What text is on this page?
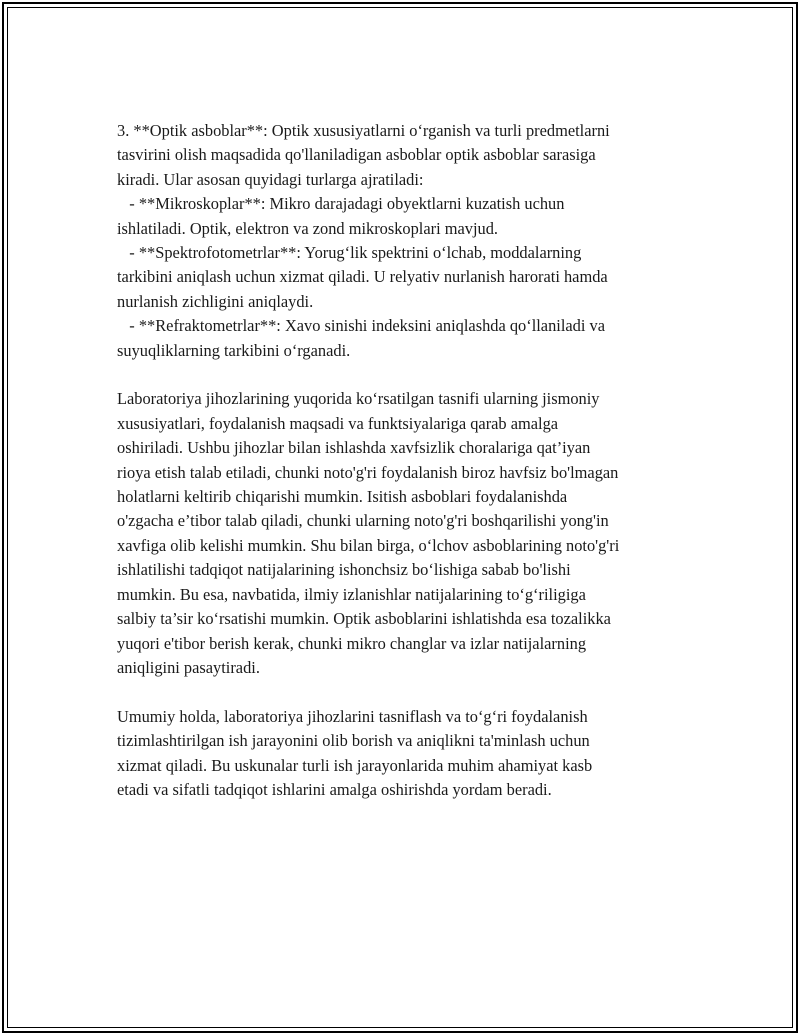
3. **Optik asboblar**: Optik xususiyatlarni o‘rganish va turli predmetlarni
tasvirini olish maqsadida qo'llaniladigan asboblar optik asboblar sarasiga
kiradi. Ular asosan quyidagi turlarga ajratiladi:
- **Mikroskoplar**: Mikro darajadagi obyektlarni kuzatish uchun
ishlatiladi. Optik, elektron va zond mikroskoplari mavjud.
- **Spektrofotometrlar**: Yorug‘lik spektrini o‘lchab, moddalarning
tarkibini aniqlash uchun xizmat qiladi. U relyativ nurlanish harorati hamda
nurlanish zichligini aniqlaydi.
- **Refraktometrlar**: Xavo sinishi indeksini aniqlashda qo‘llaniladi va
suyuqliklarning tarkibini o‘rganadi.
Laboratoriya jihozlarining yuqorida ko‘rsatilgan tasnifi ularning jismoniy
xususiyatlari, foydalanish maqsadi va funktsiyalariga qarab amalga
oshiriladi. Ushbu jihozlar bilan ishlashda xavfsizlik choralariga qat’iyan
rioya etish talab etiladi, chunki noto'g'ri foydalanish biroz havfsiz bo'lmagan
holatlarni keltirib chiqarishi mumkin. Isitish asboblari foydalanishda
o'zgacha e’tibor talab qiladi, chunki ularning noto'g'ri boshqarilishi yong'in
xavfiga olib kelishi mumkin. Shu bilan birga, o‘lchov asboblarining noto'g'ri
ishlatilishi tadqiqot natijalarining ishonchsiz bo‘lishiga sabab bo'lishi
mumkin. Bu esa, navbatida, ilmiy izlanishlar natijalarining to‘g‘riligiga
salbiy ta’sir ko‘rsatishi mumkin. Optik asboblarini ishlatishda esa tozalikka
yuqori e'tibor berish kerak, chunki mikro changlar va izlar natijalarning
aniqligini pasaytiradi.
Umumiy holda, laboratoriya jihozlarini tasniflash va to‘g‘ri foydalanish
tizimlashtirilgan ish jarayonini olib borish va aniqlikni ta'minlash uchun
xizmat qiladi. Bu uskunalar turli ish jarayonlarida muhim ahamiyat kasb
etadi va sifatli tadqiqot ishlarini amalga oshirishda yordam beradi.
